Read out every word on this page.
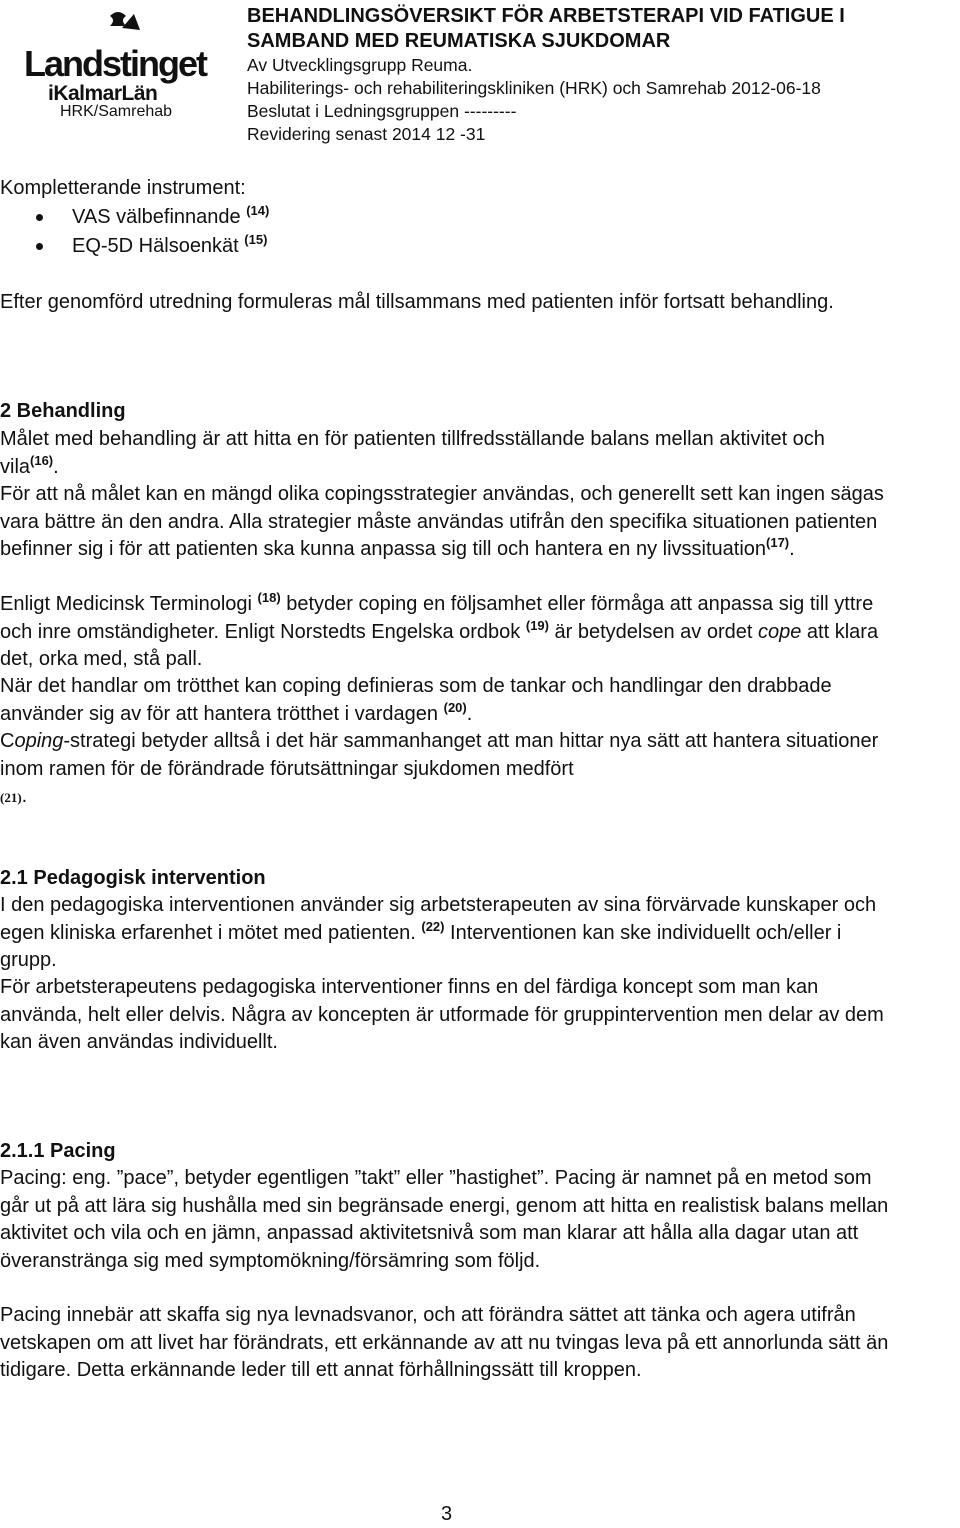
Landstinget
iKalmarLän
HRK/Samrehab
BEHANDLINGSÖVERSIKT FÖR ARBETSTERAPI VID FATIGUE I
SAMBAND MED REUMATISKA SJUKDOMAR
Av Utvecklingsgrupp Reuma.
Habiliterings- och rehabiliteringskliniken (HRK) och Samrehab 2012-06-18
Beslutat i Ledningsgruppen ---------
Revidering senast 2014 12 -31
Kompletterande instrument:
VAS välbefinnande $^{(14)}$
EQ-5D Hälsoenkät $^{(15)}$
Efter genomförd utredning formuleras mål tillsammans med patienten inför fortsatt behandling.
2 Behandling
Målet med behandling är att hitta en för patienten tillfredsställande balans mellan aktivitet och vila$^{(16)}$.
För att nå målet kan en mängd olika copingsstrategier användas, och generellt sett kan ingen sägas vara bättre än den andra. Alla strategier måste användas utifrån den specifika situationen patienten befinner sig i för att patienten ska kunna anpassa sig till och hantera en ny livssituation$^{(17)}$.
Enligt Medicinsk Terminologi $^{(18)}$ betyder coping en följsamhet eller förmåga att anpassa sig till yttre och inre omständigheter. Enligt Norstedts Engelska ordbok $^{(19)}$ är betydelsen av ordet cope att klara det, orka med, stå pall.
När det handlar om trötthet kan coping definieras som de tankar och handlingar den drabbade använder sig av för att hantera trötthet i vardagen $^{(20)}$.
Coping-strategi betyder alltså i det här sammanhanget att man hittar nya sätt att hantera situationer inom ramen för de förändrade förutsättningar sjukdomen medfört
(21).
2.1 Pedagogisk intervention
I den pedagogiska interventionen använder sig arbetsterapeuten av sina förvärvade kunskaper och egen kliniska erfarenhet i mötet med patienten. $^{(22)}$ Interventionen kan ske individuellt och/eller i grupp.
För arbetsterapeutens pedagogiska interventioner finns en del färdiga koncept som man kan använda, helt eller delvis. Några av koncepten är utformade för gruppintervention men delar av dem kan även användas individuellt.
2.1.1 Pacing
Pacing: eng. ”pace”, betyder egentligen ”takt” eller ”hastighet”. Pacing är namnet på en metod som går ut på att lära sig hushålla med sin begränsade energi, genom att hitta en realistisk balans mellan aktivitet och vila och en jämn, anpassad aktivitetsnivå som man klarar att hålla alla dagar utan att överanstränga sig med symptomökning/försämring som följd.
Pacing innebär att skaffa sig nya levnadsvanor, och att förändra sättet att tänka och agera utifrån vetskapen om att livet har förändrats, ett erkännande av att nu tvingas leva på ett annorlunda sätt än tidigare. Detta erkännande leder till ett annat förhållningssätt till kroppen.
3
